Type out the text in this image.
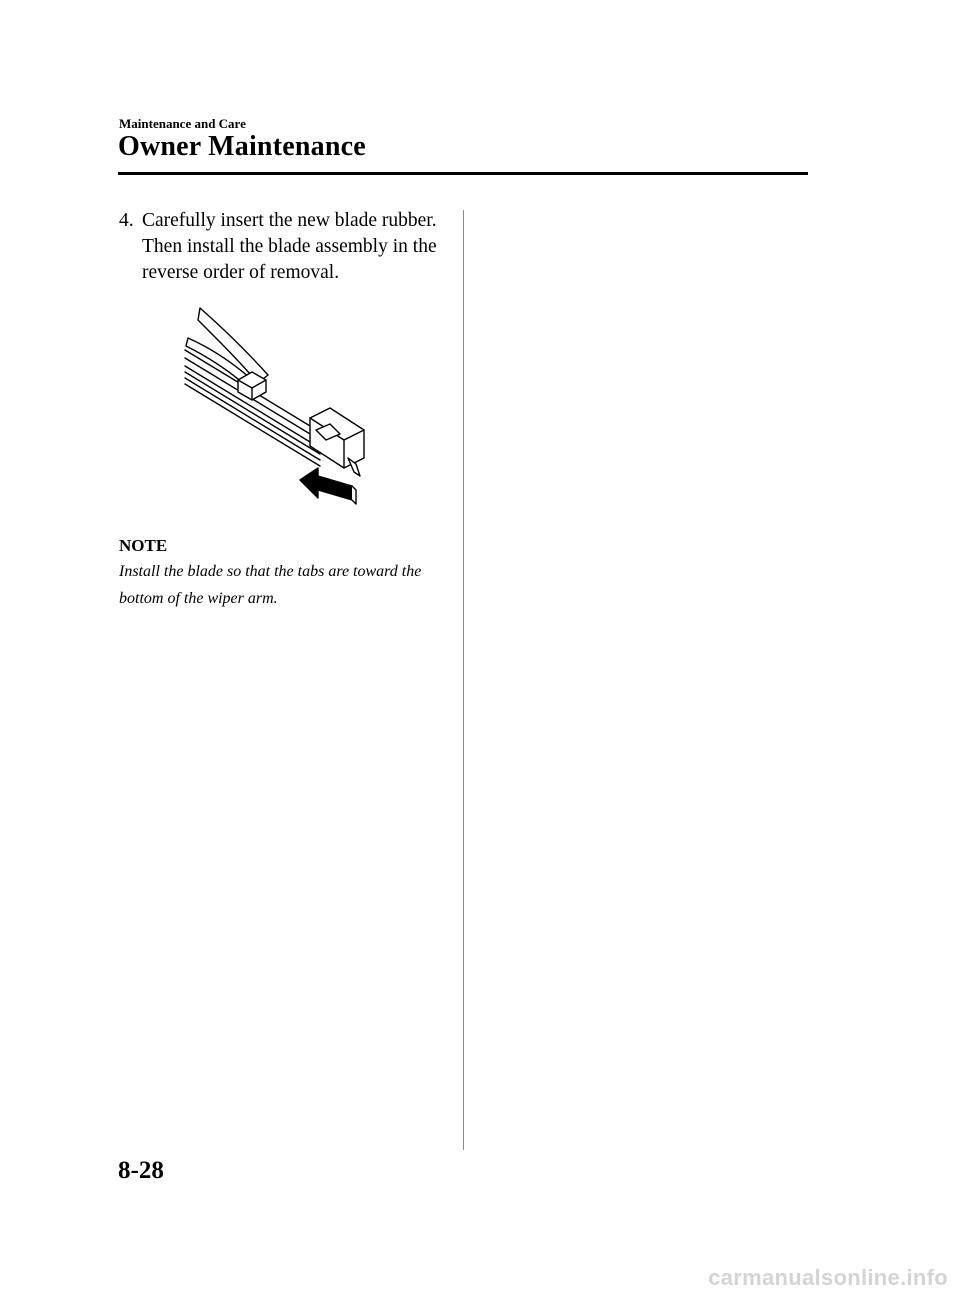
Maintenance and Care
Owner Maintenance
4. Carefully insert the new blade rubber. Then install the blade assembly in the reverse order of removal.
NOTE
Install the blade so that the tabs are toward the bottom of the wiper arm.
8-28
carmanualsonline.info
